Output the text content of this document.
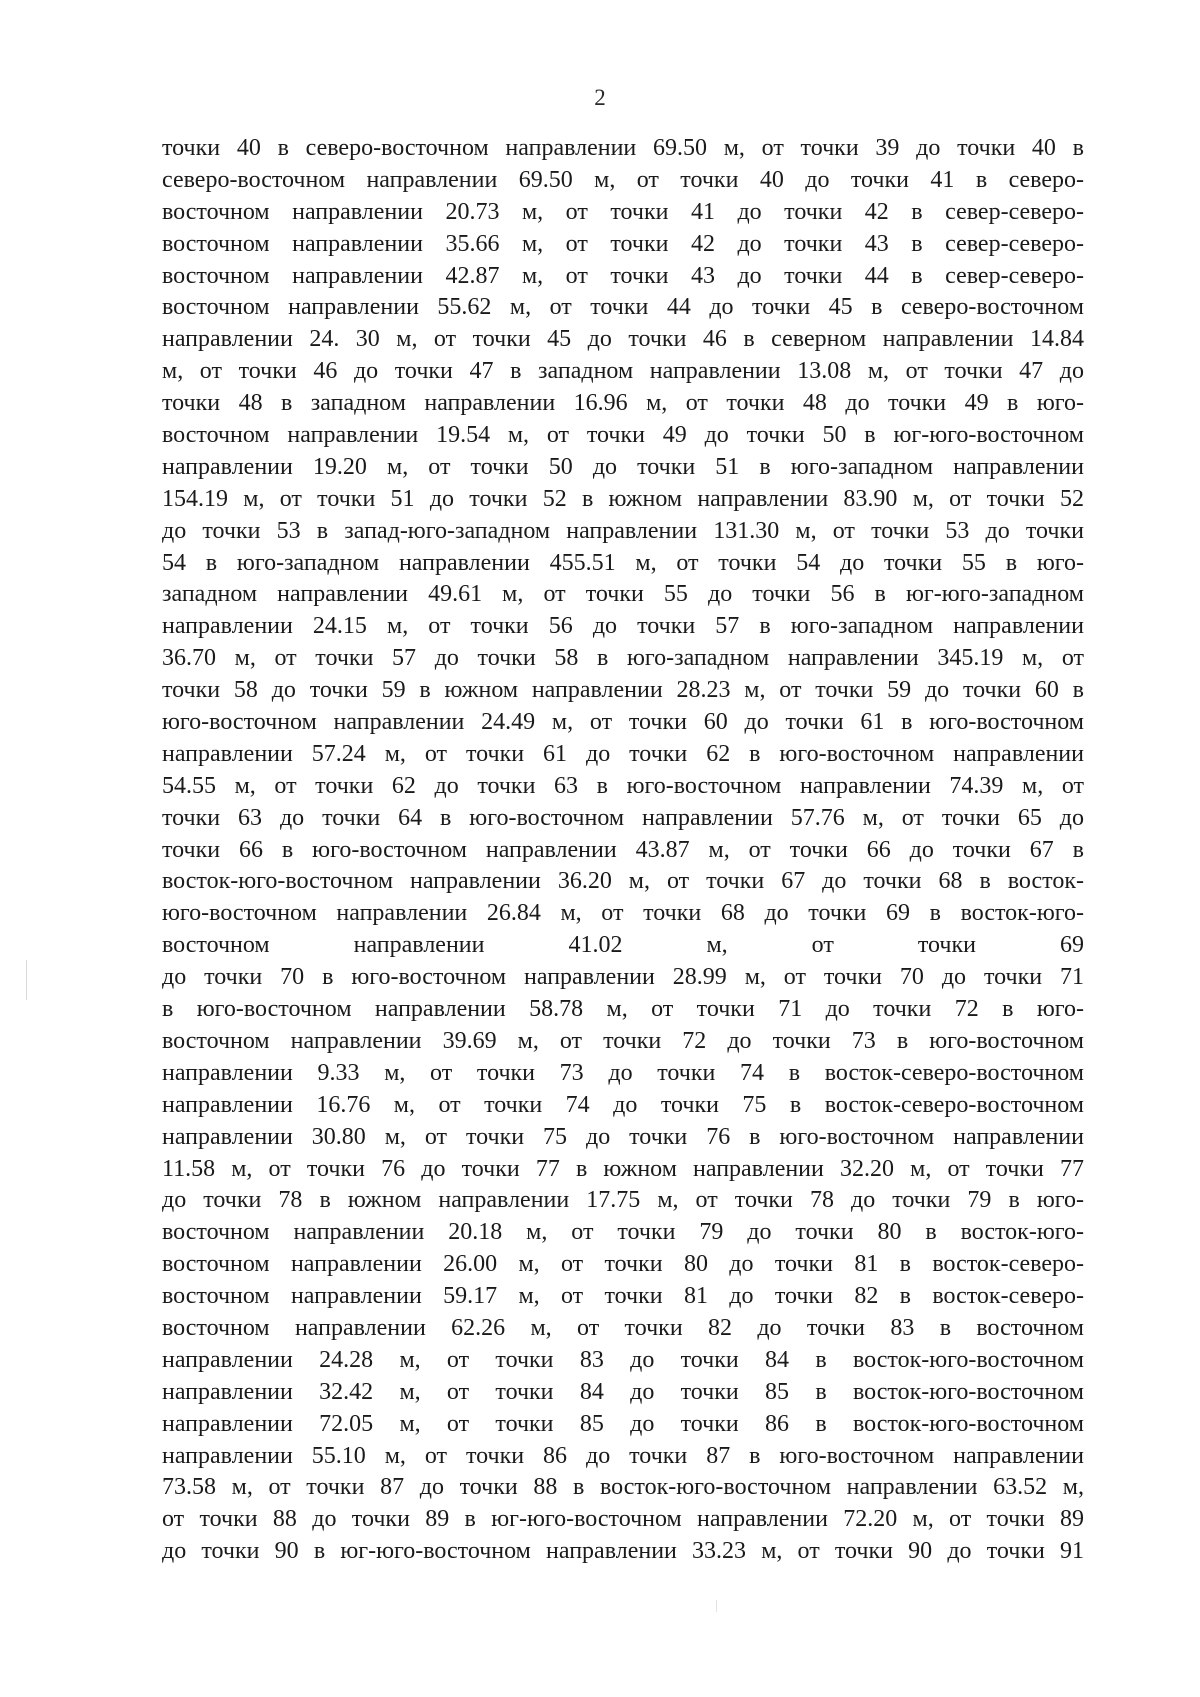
2
точки 40 в северо-восточном направлении 69.50 м, от точки 39 до точки 40 в
северо-восточном направлении 69.50 м, от точки 40 до точки 41 в северо-
восточном направлении 20.73 м, от точки 41 до точки 42 в север-северо-
восточном направлении 35.66 м, от точки 42 до точки 43 в север-северо-
восточном направлении 42.87 м, от точки 43 до точки 44 в север-северо-
восточном направлении 55.62 м, от точки 44 до точки 45 в северо-восточном
направлении 24. 30 м, от точки 45 до точки 46 в северном направлении 14.84
м, от точки 46 до точки 47 в западном направлении 13.08 м, от точки 47 до
точки 48 в западном направлении 16.96 м, от точки 48 до точки 49 в юго-
восточном направлении 19.54 м, от точки 49 до точки 50 в юг-юго-восточном
направлении 19.20 м, от точки 50 до точки 51 в юго-западном направлении
154.19 м, от точки 51 до точки 52 в южном направлении 83.90 м, от точки 52
до точки 53 в запад-юго-западном направлении 131.30 м, от точки 53 до точки
54 в юго-западном направлении 455.51 м, от точки 54 до точки 55 в юго-
западном направлении 49.61 м, от точки 55 до точки 56 в юг-юго-западном
направлении 24.15 м, от точки 56 до точки 57 в юго-западном направлении
36.70 м, от точки 57 до точки 58 в юго-западном направлении 345.19 м, от
точки 58 до точки 59 в южном направлении 28.23 м, от точки 59 до точки 60 в
юго-восточном направлении 24.49 м, от точки 60 до точки 61 в юго-восточном
направлении 57.24 м, от точки 61 до точки 62 в юго-восточном направлении
54.55 м, от точки 62 до точки 63 в юго-восточном направлении 74.39 м, от
точки 63 до точки 64 в юго-восточном направлении 57.76 м, от точки 65 до
точки 66 в юго-восточном направлении 43.87 м, от точки 66 до точки 67 в
восток-юго-восточном направлении 36.20 м, от точки 67 до точки 68 в восток-
юго-восточном направлении 26.84 м, от точки 68 до точки 69 в восток-юго-
восточном направлении 41.02 м, от точки 69
до точки 70 в юго-восточном направлении 28.99 м, от точки 70 до точки 71
в юго-восточном направлении 58.78 м, от точки 71 до точки 72 в юго-
восточном направлении 39.69 м, от точки 72 до точки 73 в юго-восточном
направлении 9.33 м, от точки 73 до точки 74 в восток-северо-восточном
направлении 16.76 м, от точки 74 до точки 75 в восток-северо-восточном
направлении 30.80 м, от точки 75 до точки 76 в юго-восточном направлении
11.58 м, от точки 76 до точки 77 в южном направлении 32.20 м, от точки 77
до точки 78 в южном направлении 17.75 м, от точки 78 до точки 79 в юго-
восточном направлении 20.18 м, от точки 79 до точки 80 в восток-юго-
восточном направлении 26.00 м, от точки 80 до точки 81 в восток-северо-
восточном направлении 59.17 м, от точки 81 до точки 82 в восток-северо-
восточном направлении 62.26 м, от точки 82 до точки 83 в восточном
направлении 24.28 м, от точки 83 до точки 84 в восток-юго-восточном
направлении 32.42 м, от точки 84 до точки 85 в восток-юго-восточном
направлении 72.05 м, от точки 85 до точки 86 в восток-юго-восточном
направлении 55.10 м, от точки 86 до точки 87 в юго-восточном направлении
73.58 м, от точки 87 до точки 88 в восток-юго-восточном направлении 63.52 м,
от точки 88 до точки 89 в юг-юго-восточном направлении 72.20 м, от точки 89
до точки 90 в юг-юго-восточном направлении 33.23 м, от точки 90 до точки 91
